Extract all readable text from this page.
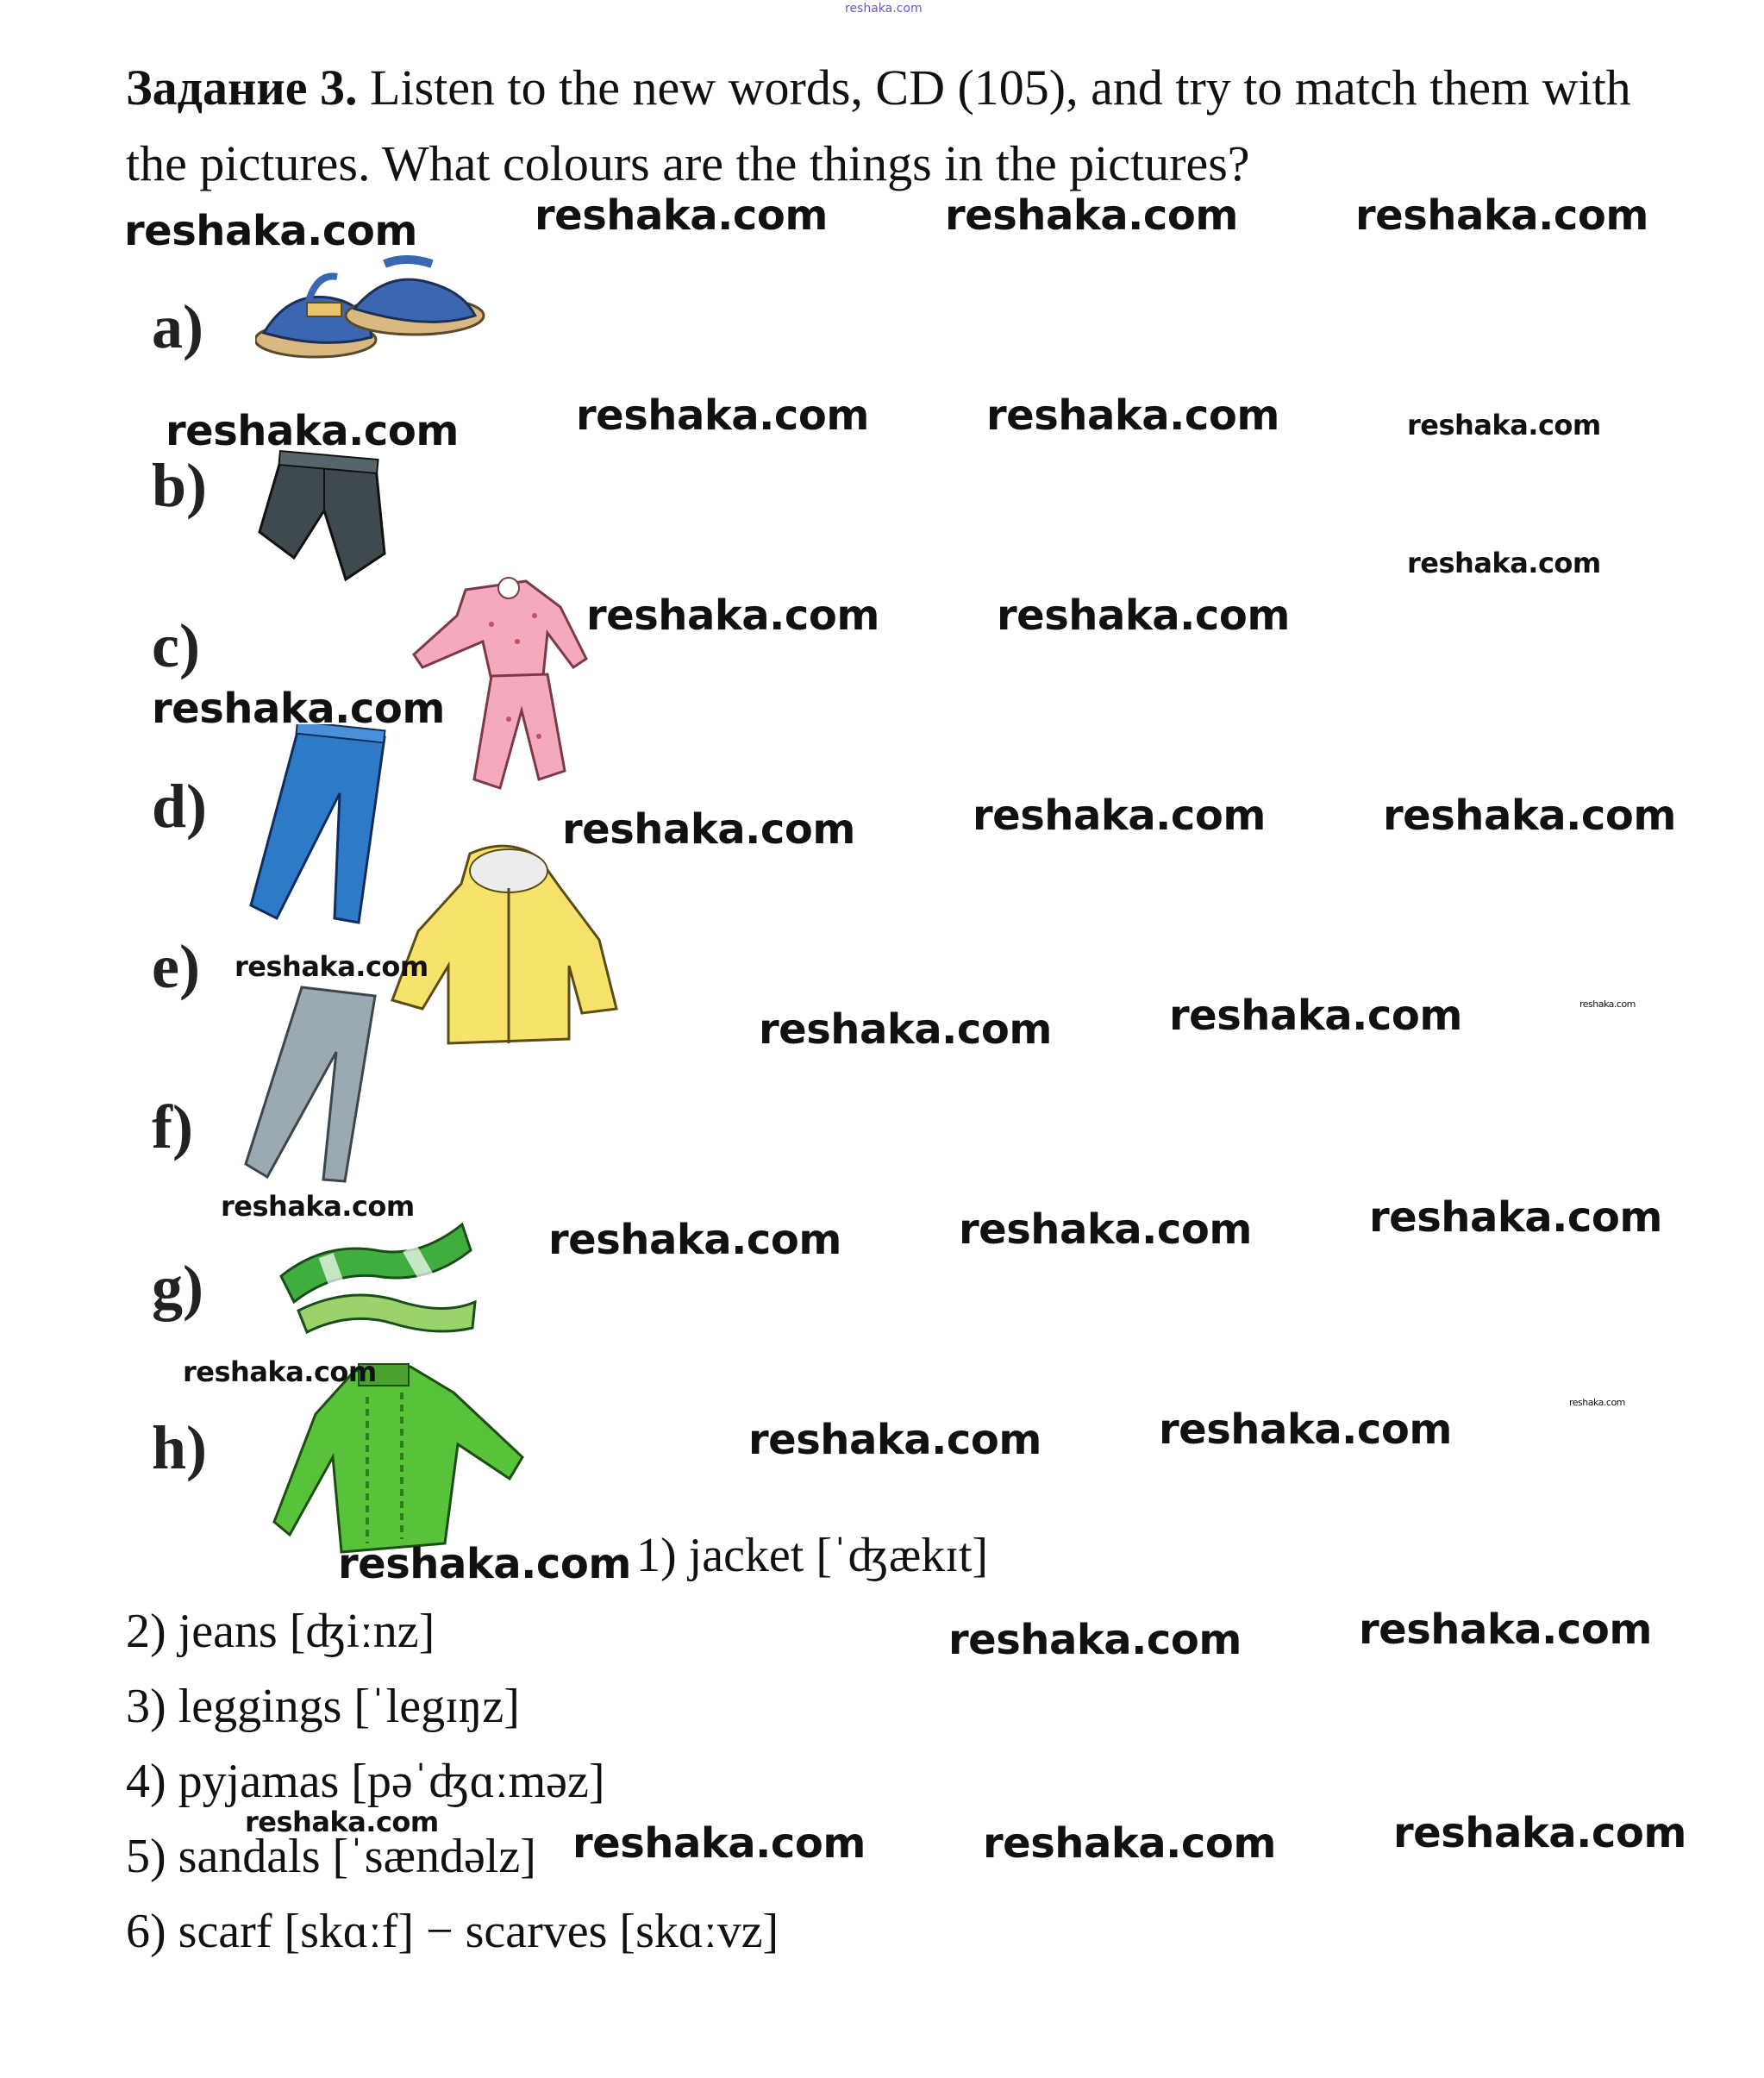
reshaka.com
Задание 3. Listen to the new words, CD (105), and try to match them with the pictures. What colours are the things in the pictures?
a)
b)
c)
d)
e)
f)
g)
h)
1) jacket [ˈʤækɪt]
2) jeans [ʤiːnz]
3) leggings [ˈlegɪŋz]
4) pyjamas [pəˈʤɑːməz]
5) sandals [ˈsændəlz]
6) scarf [skɑːf] − scarves [skɑːvz]
reshaka.com	reshaka.com	reshaka.com	reshaka.com
reshaka.com	reshaka.com	reshaka.com	reshaka.com
reshaka.com
reshaka.com	reshaka.com
reshaka.com
reshaka.com	reshaka.com	reshaka.com
reshaka.com
reshaka.com	reshaka.com	reshaka.com
reshaka.com
reshaka.com	reshaka.com	reshaka.com
reshaka.com
reshaka.com	reshaka.com
reshaka.com
reshaka.com
reshaka.com	reshaka.com
reshaka.com	reshaka.com	reshaka.com	reshaka.com
